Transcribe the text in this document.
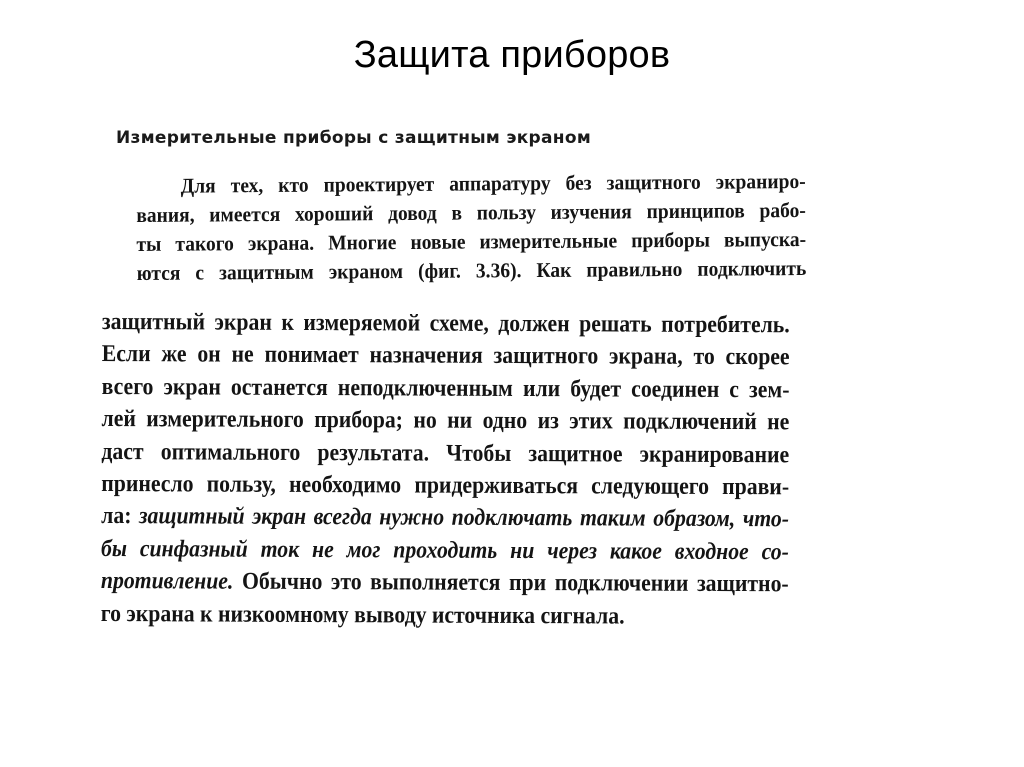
Защита приборов
Измерительные приборы с защитным экраном
Для тех, кто проектирует аппаратуру без защитного экраниро-
вания, имеется хороший довод в пользу изучения принципов рабо-
ты такого экрана. Многие новые измерительные приборы выпуска-
ются с защитным экраном (фиг. 3.36). Как правильно подключить
защитный экран к измеряемой схеме, должен решать потребитель.
Если же он не понимает назначения защитного экрана, то скорее
всего экран останется неподключенным или будет соединен с зем-
лей измерительного прибора; но ни одно из этих подключений не
даст оптимального результата. Чтобы защитное экранирование
принесло пользу, необходимо придерживаться следующего прави-
ла: защитный экран всегда нужно подключать таким образом, что-
бы синфазный ток не мог проходить ни через какое входное со-
противление. Обычно это выполняется при подключении защитно-
го экрана к низкоомному выводу источника сигнала.
